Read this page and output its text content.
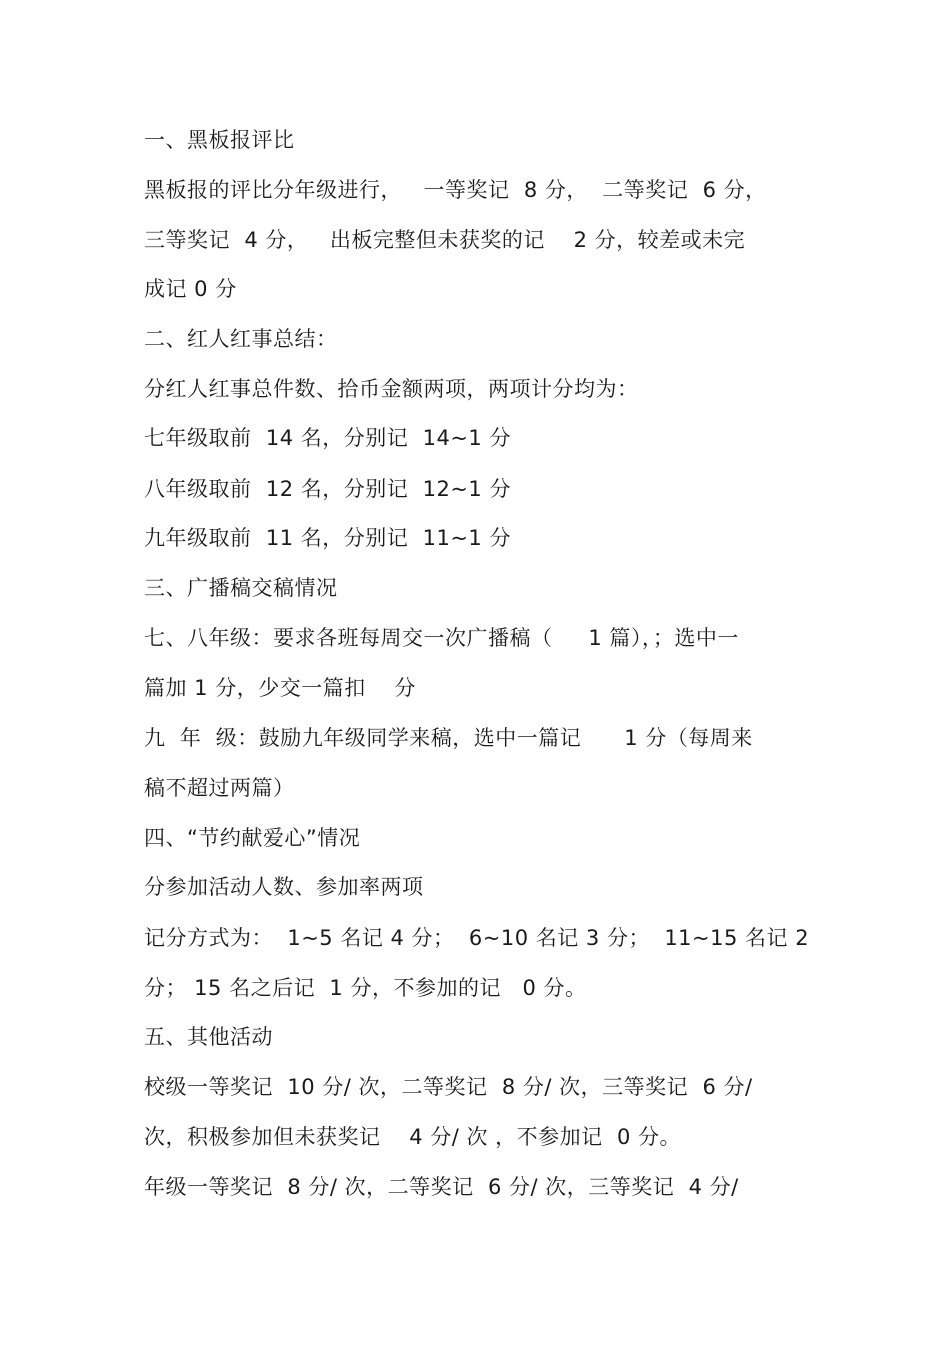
一、黑板报评比
黑板报的评比分年级进行，   一等奖记  8 分，  二等奖记  6 分，
三等奖记  4 分，   出板完整但未获奖的记    2 分，较差或未完
成记 0 分
二、红人红事总结：
分红人红事总件数、拾币金额两项，两项计分均为：
七年级取前  14 名，分别记  14~1 分
八年级取前  12 名，分别记  12~1 分
九年级取前  11 名，分别记  11~1 分
三、广播稿交稿情况
七、八年级：要求各班每周交一次广播稿（     1 篇），；选中一
篇加 1 分，少交一篇扣    分
九  年  级：鼓励九年级同学来稿，选中一篇记      1 分（每周来
稿不超过两篇）
四、“节约献爱心”情况
分参加活动人数、参加率两项
记分方式为：  1~5 名记 4 分；  6~10 名记 3 分；  11~15 名记 2
分； 15 名之后记  1 分，不参加的记   0 分。
五、其他活动
校级一等奖记  10 分/ 次，二等奖记  8 分/ 次，三等奖记  6 分/
次，积极参加但未获奖记    4 分/ 次 ，不参加记  0 分。
年级一等奖记  8 分/ 次，二等奖记  6 分/ 次，三等奖记  4 分/
